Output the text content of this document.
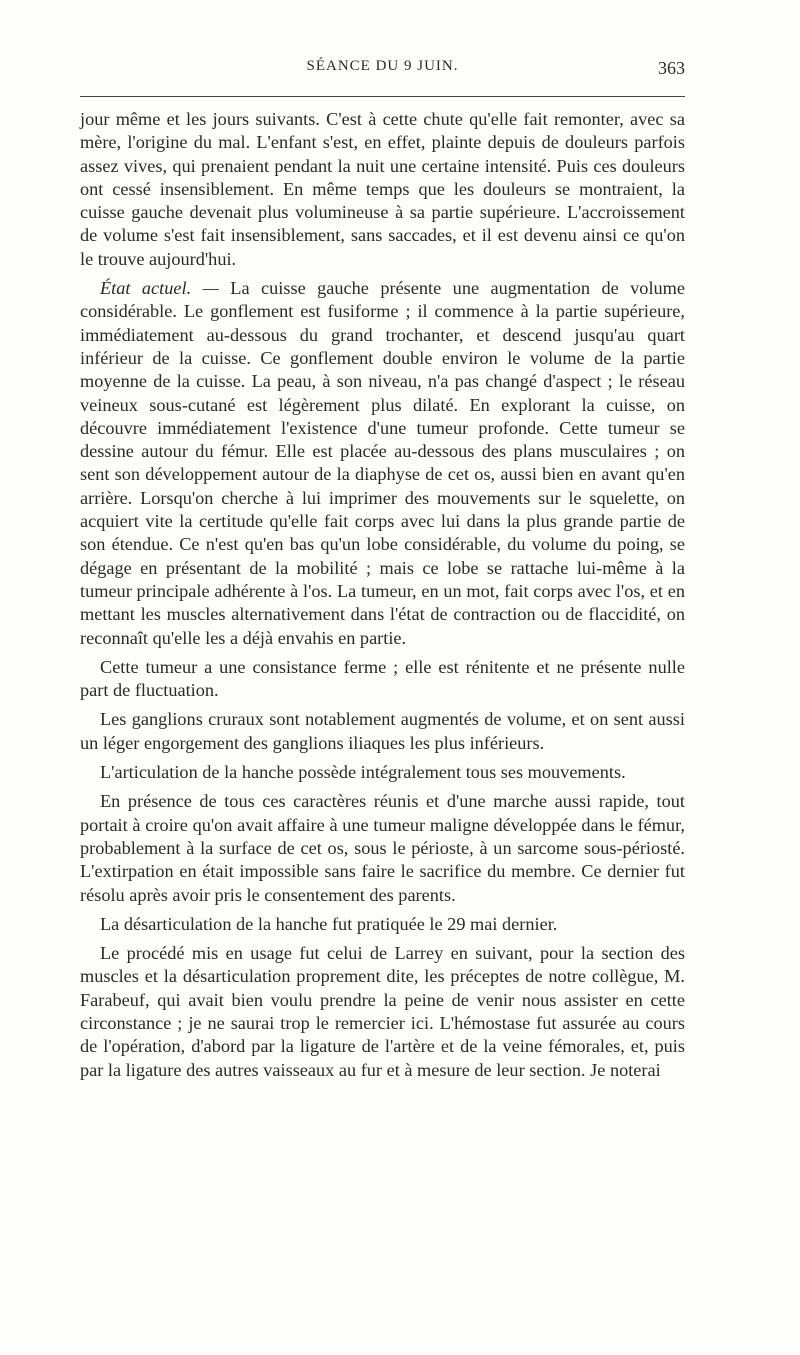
SÉANCE DU 9 JUIN.	363

jour même et les jours suivants. C'est à cette chute qu'elle fait remonter, avec sa mère, l'origine du mal. L'enfant s'est, en effet, plainte depuis de douleurs parfois assez vives, qui prenaient pendant la nuit une certaine intensité. Puis ces douleurs ont cessé insensiblement. En même temps que les douleurs se montraient, la cuisse gauche devenait plus volumineuse à sa partie supérieure. L'accroissement de volume s'est fait insensiblement, sans saccades, et il est devenu ainsi ce qu'on le trouve aujourd'hui.

État actuel. — La cuisse gauche présente une augmentation de volume considérable. Le gonflement est fusiforme ; il commence à la partie supérieure, immédiatement au-dessous du grand trochanter, et descend jusqu'au quart inférieur de la cuisse. Ce gonflement double environ le volume de la partie moyenne de la cuisse. La peau, à son niveau, n'a pas changé d'aspect ; le réseau veineux sous-cutané est légèrement plus dilaté. En explorant la cuisse, on découvre immédiatement l'existence d'une tumeur profonde. Cette tumeur se dessine autour du fémur. Elle est placée au-dessous des plans musculaires ; on sent son développement autour de la diaphyse de cet os, aussi bien en avant qu'en arrière. Lorsqu'on cherche à lui imprimer des mouvements sur le squelette, on acquiert vite la certitude qu'elle fait corps avec lui dans la plus grande partie de son étendue. Ce n'est qu'en bas qu'un lobe considérable, du volume du poing, se dégage en présentant de la mobilité ; mais ce lobe se rattache lui-même à la tumeur principale adhérente à l'os. La tumeur, en un mot, fait corps avec l'os, et en mettant les muscles alternativement dans l'état de contraction ou de flaccidité, on reconnaît qu'elle les a déjà envahis en partie.

Cette tumeur a une consistance ferme ; elle est rénitente et ne présente nulle part de fluctuation.

Les ganglions cruraux sont notablement augmentés de volume, et on sent aussi un léger engorgement des ganglions iliaques les plus inférieurs.

L'articulation de la hanche possède intégralement tous ses mouvements.

En présence de tous ces caractères réunis et d'une marche aussi rapide, tout portait à croire qu'on avait affaire à une tumeur maligne développée dans le fémur, probablement à la surface de cet os, sous le périoste, à un sarcome sous-périosté. L'extirpation en était impossible sans faire le sacrifice du membre. Ce dernier fut résolu après avoir pris le consentement des parents.

La désarticulation de la hanche fut pratiquée le 29 mai dernier.

Le procédé mis en usage fut celui de Larrey en suivant, pour la section des muscles et la désarticulation proprement dite, les préceptes de notre collègue, M. Farabeuf, qui avait bien voulu prendre la peine de venir nous assister en cette circonstance ; je ne saurai trop le remercier ici. L'hémostase fut assurée au cours de l'opération, d'abord par la ligature de l'artère et de la veine fémorales, et, puis par la ligature des autres vaisseaux au fur et à mesure de leur section. Je noterai
